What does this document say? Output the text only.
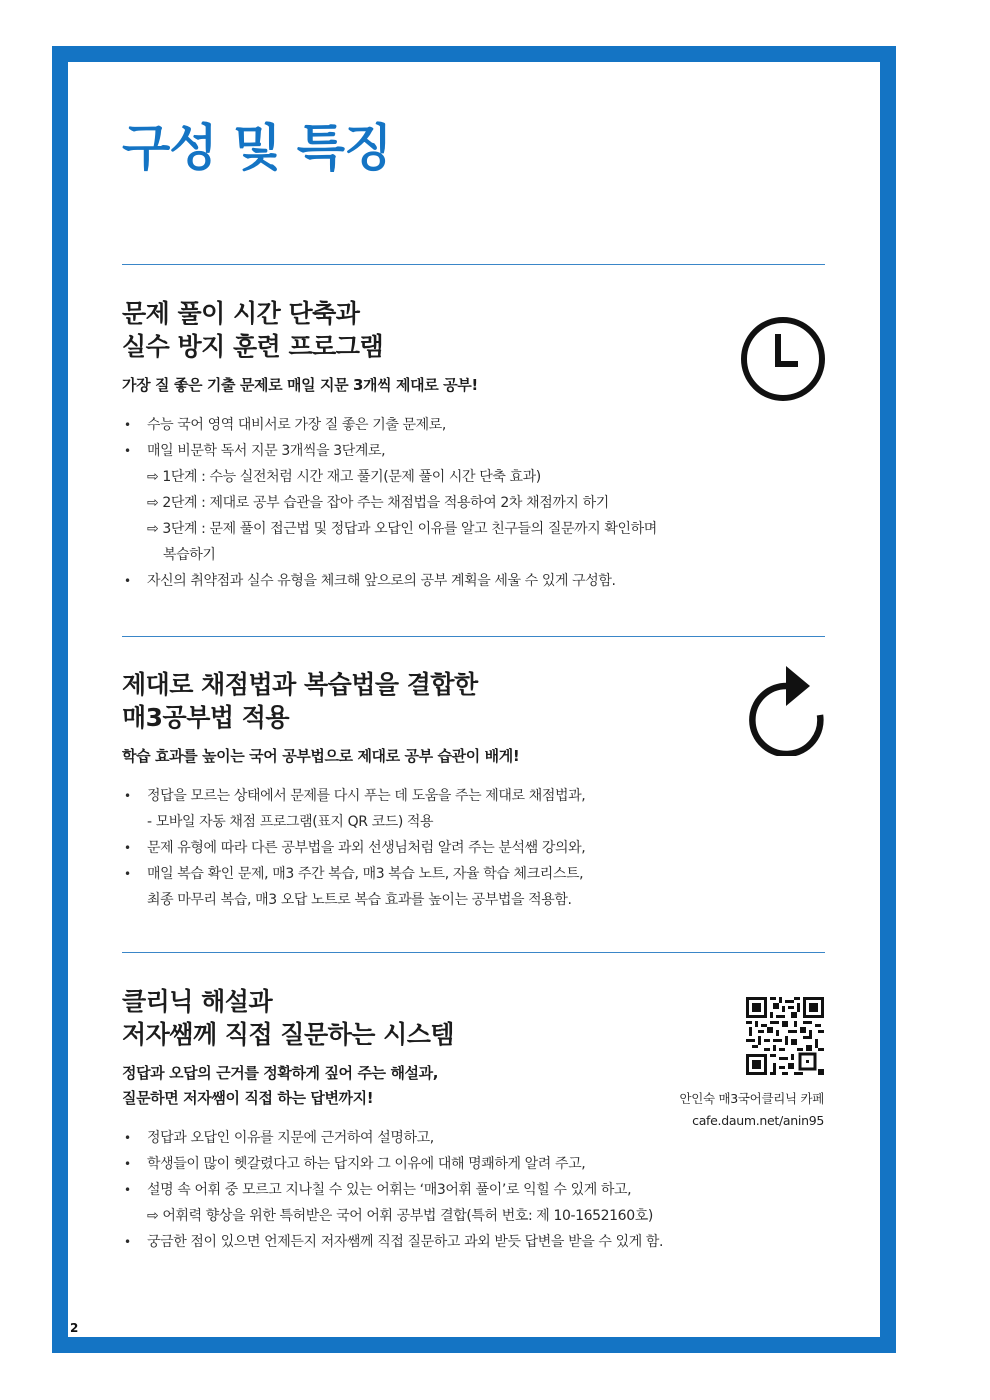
구성 및 특징
문제 풀이 시간 단축과
실수 방지 훈련 프로그램

가장 질 좋은 기출 문제로 매일 지문 3개씩 제대로 공부!

• 수능 국어 영역 대비서로 가장 질 좋은 기출 문제로,
• 매일 비문학 독서 지문 3개씩을 3단계로,
⇨ 1단계 : 수능 실전처럼 시간 재고 풀기(문제 풀이 시간 단축 효과)
⇨ 2단계 : 제대로 공부 습관을 잡아 주는 채점법을 적용하여 2차 채점까지 하기
⇨ 3단계 : 문제 풀이 접근법 및 정답과 오답인 이유를 알고 친구들의 질문까지 확인하며
복습하기
• 자신의 취약점과 실수 유형을 체크해 앞으로의 공부 계획을 세울 수 있게 구성함.
제대로 채점법과 복습법을 결합한
매3공부법 적용

학습 효과를 높이는 국어 공부법으로 제대로 공부 습관이 배게!

• 정답을 모르는 상태에서 문제를 다시 푸는 데 도움을 주는 제대로 채점법과,
- 모바일 자동 채점 프로그램(표지 QR 코드) 적용
• 문제 유형에 따라 다른 공부법을 과외 선생님처럼 알려 주는 분석쌤 강의와,
• 매일 복습 확인 문제, 매3 주간 복습, 매3 복습 노트, 자율 학습 체크리스트,
최종 마무리 복습, 매3 오답 노트로 복습 효과를 높이는 공부법을 적용함.
클리닉 해설과
저자쌤께 직접 질문하는 시스템

정답과 오답의 근거를 정확하게 짚어 주는 해설과,
질문하면 저자쌤이 직접 하는 답변까지!

• 정답과 오답인 이유를 지문에 근거하여 설명하고,
• 학생들이 많이 헷갈렸다고 하는 답지와 그 이유에 대해 명쾌하게 알려 주고,
• 설명 속 어휘 중 모르고 지나칠 수 있는 어휘는 ‘매3어휘 풀이’로 익힐 수 있게 하고,
⇨ 어휘력 향상을 위한 특허받은 국어 어휘 공부법 결합(특허 번호: 제 10-1652160호)
• 궁금한 점이 있으면 언제든지 저자쌤께 직접 질문하고 과외 받듯 답변을 받을 수 있게 함.
안인숙 매3국어클리닉 카페
cafe.daum.net/anin95
2
